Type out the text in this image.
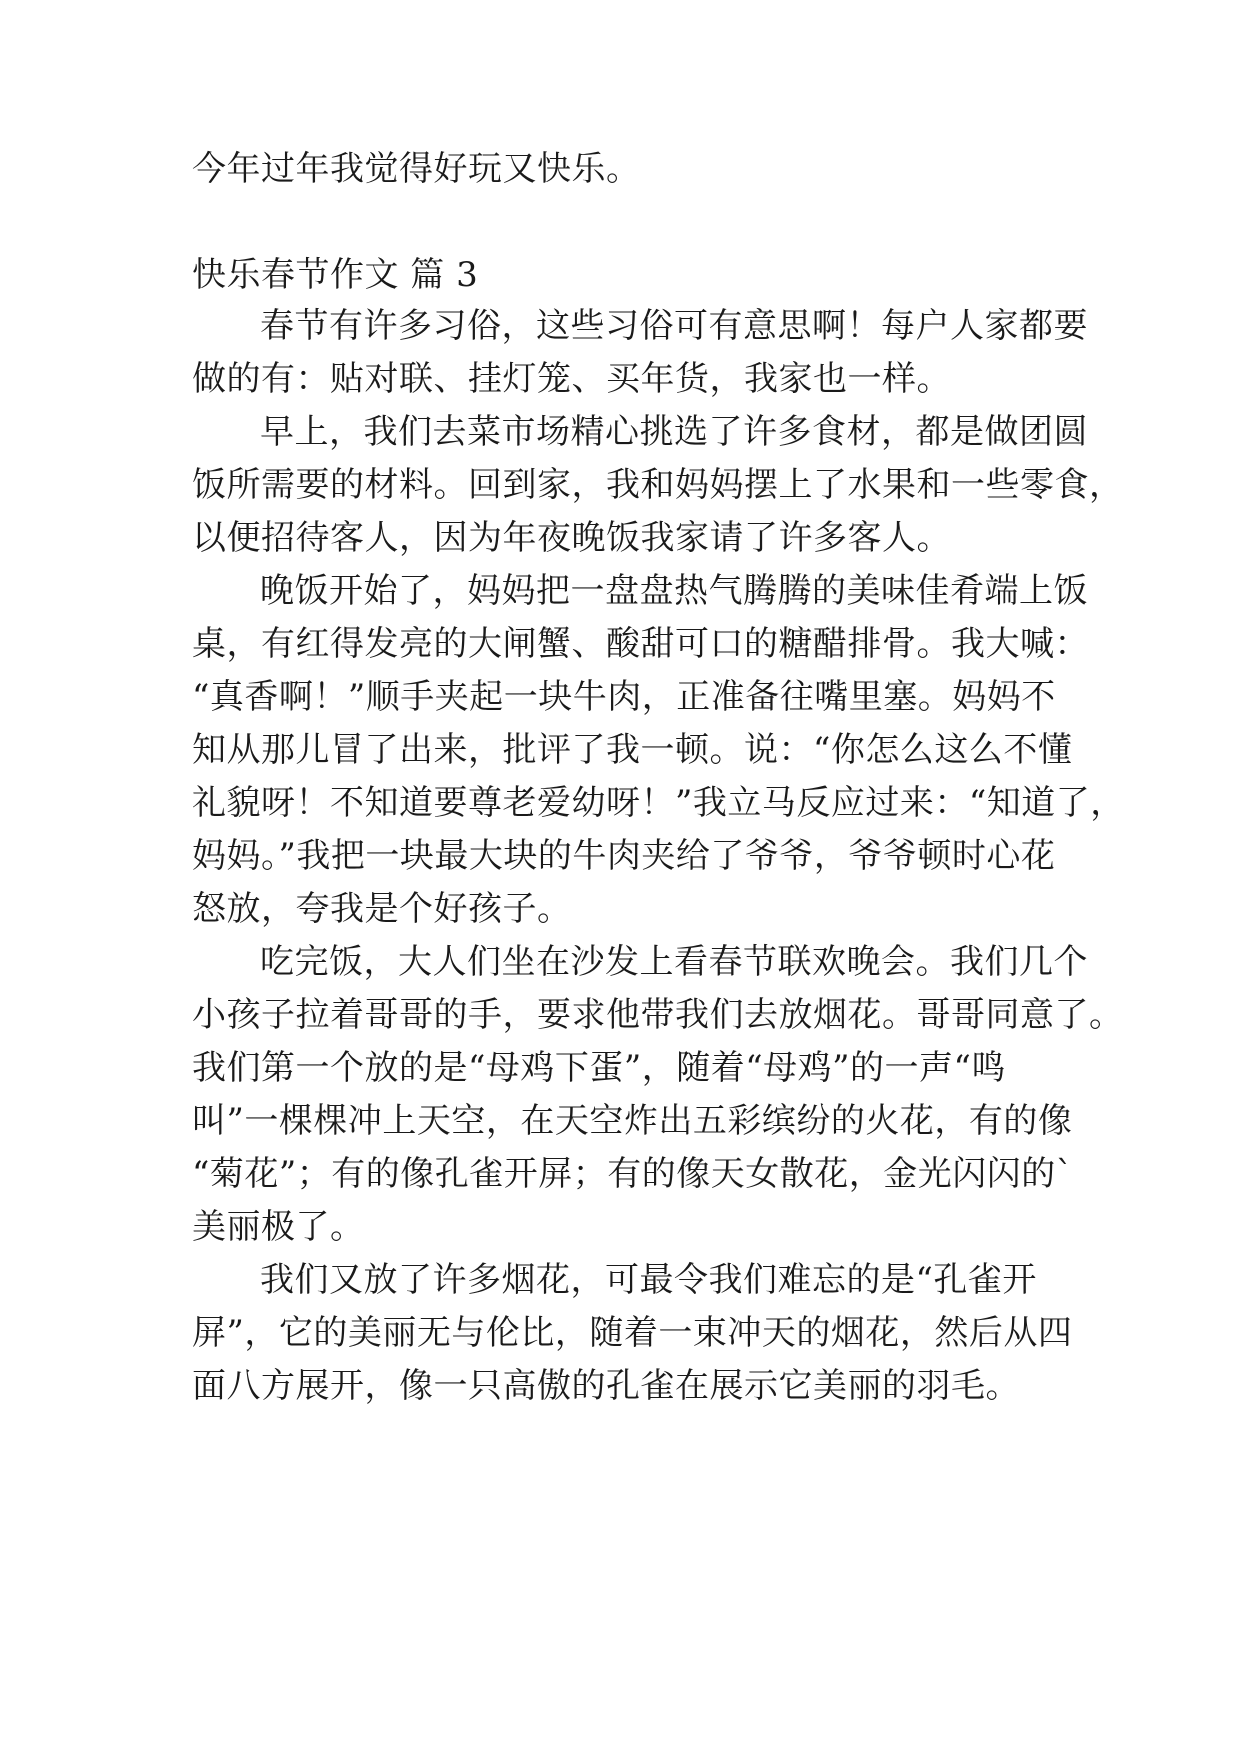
今年过年我觉得好玩又快乐。
快乐春节作文 篇 3
春节有许多习俗，这些习俗可有意思啊！每户人家都要
做的有：贴对联、挂灯笼、买年货，我家也一样。
早上，我们去菜市场精心挑选了许多食材，都是做团圆
饭所需要的材料。回到家，我和妈妈摆上了水果和一些零食，
以便招待客人，因为年夜晚饭我家请了许多客人。
晚饭开始了，妈妈把一盘盘热气腾腾的美味佳肴端上饭
桌，有红得发亮的大闸蟹、酸甜可口的糖醋排骨。我大喊：
“真香啊！”顺手夹起一块牛肉，正准备往嘴里塞。妈妈不
知从那儿冒了出来，批评了我一顿。说：“你怎么这么不懂
礼貌呀！不知道要尊老爱幼呀！”我立马反应过来：“知道了，
妈妈。”我把一块最大块的牛肉夹给了爷爷，爷爷顿时心花
怒放，夸我是个好孩子。
吃完饭，大人们坐在沙发上看春节联欢晚会。我们几个
小孩子拉着哥哥的手，要求他带我们去放烟花。哥哥同意了。
我们第一个放的是“母鸡下蛋”，随着“母鸡”的一声“鸣
叫”一棵棵冲上天空，在天空炸出五彩缤纷的火花，有的像
“菊花”；有的像孔雀开屏；有的像天女散花，金光闪闪的`
美丽极了。
我们又放了许多烟花，可最令我们难忘的是“孔雀开
屏”，它的美丽无与伦比，随着一束冲天的烟花，然后从四
面八方展开，像一只高傲的孔雀在展示它美丽的羽毛。
